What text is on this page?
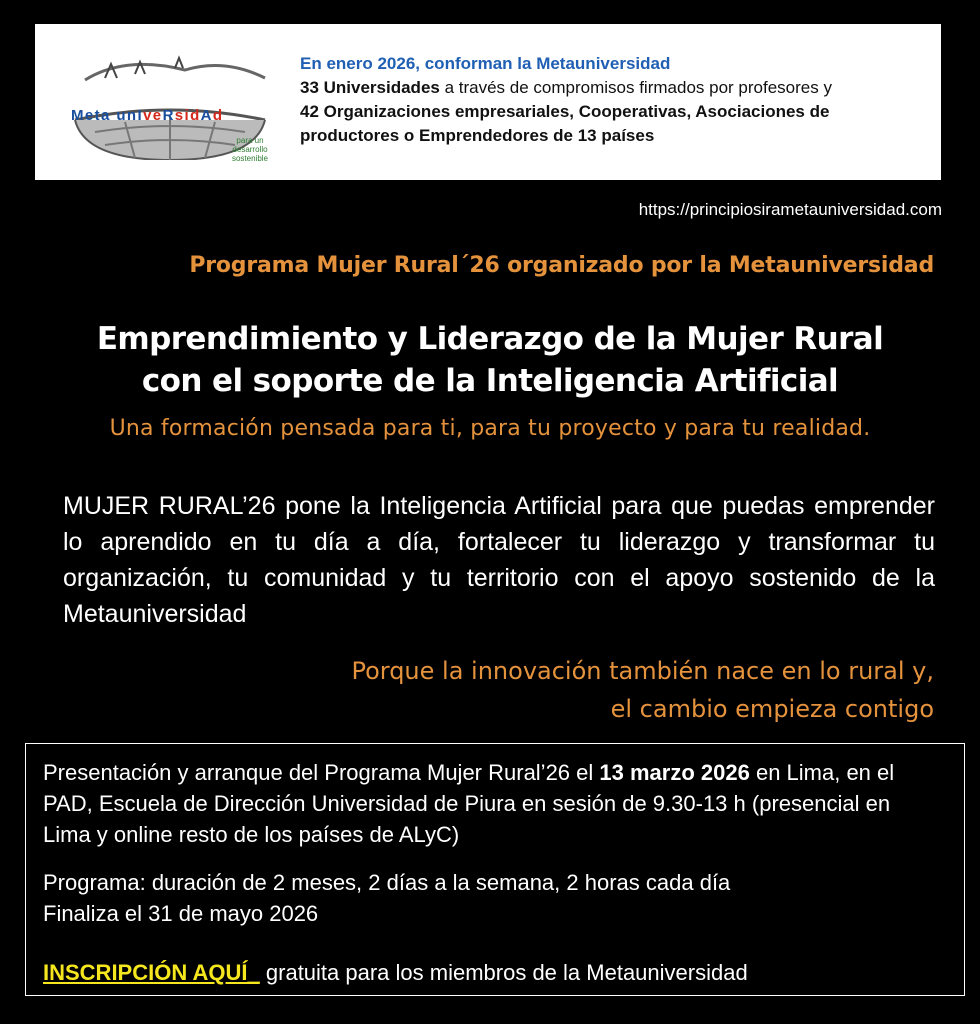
Meta unIveRsidAd
para un desarrollo
sostenible
En enero 2026, conforman la Metauniversidad
33 Universidades a través de compromisos firmados por profesores y
42 Organizaciones empresariales, Cooperativas, Asociaciones de
productores o Emprendedores de 13 países
https://principiosirametauniversidad.com
Programa Mujer Rural´26 organizado por la Metauniversidad
Emprendimiento y Liderazgo de la Mujer Rural
con el soporte de la Inteligencia Artificial
Una formación pensada para ti, para tu proyecto y para tu realidad.
MUJER RURAL’26 pone la Inteligencia Artificial para que puedas emprender lo aprendido en tu día a día, fortalecer tu liderazgo y transformar tu organización, tu comunidad y tu territorio con el apoyo sostenido de la Metauniversidad
Porque la innovación también nace en lo rural y,
el cambio empieza contigo

Presentación y arranque del Programa Mujer Rural’26 el 13 marzo 2026 en Lima, en el PAD, Escuela de Dirección Universidad de Piura en sesión de 9.30-13 h (presencial en Lima y online resto de los países de ALyC)

Programa: duración de 2 meses, 2 días a la semana, 2 horas cada día
Finaliza el 31 de mayo 2026

INSCRIPCIÓN AQUÍ_ gratuita para los miembros de la Metauniversidad
